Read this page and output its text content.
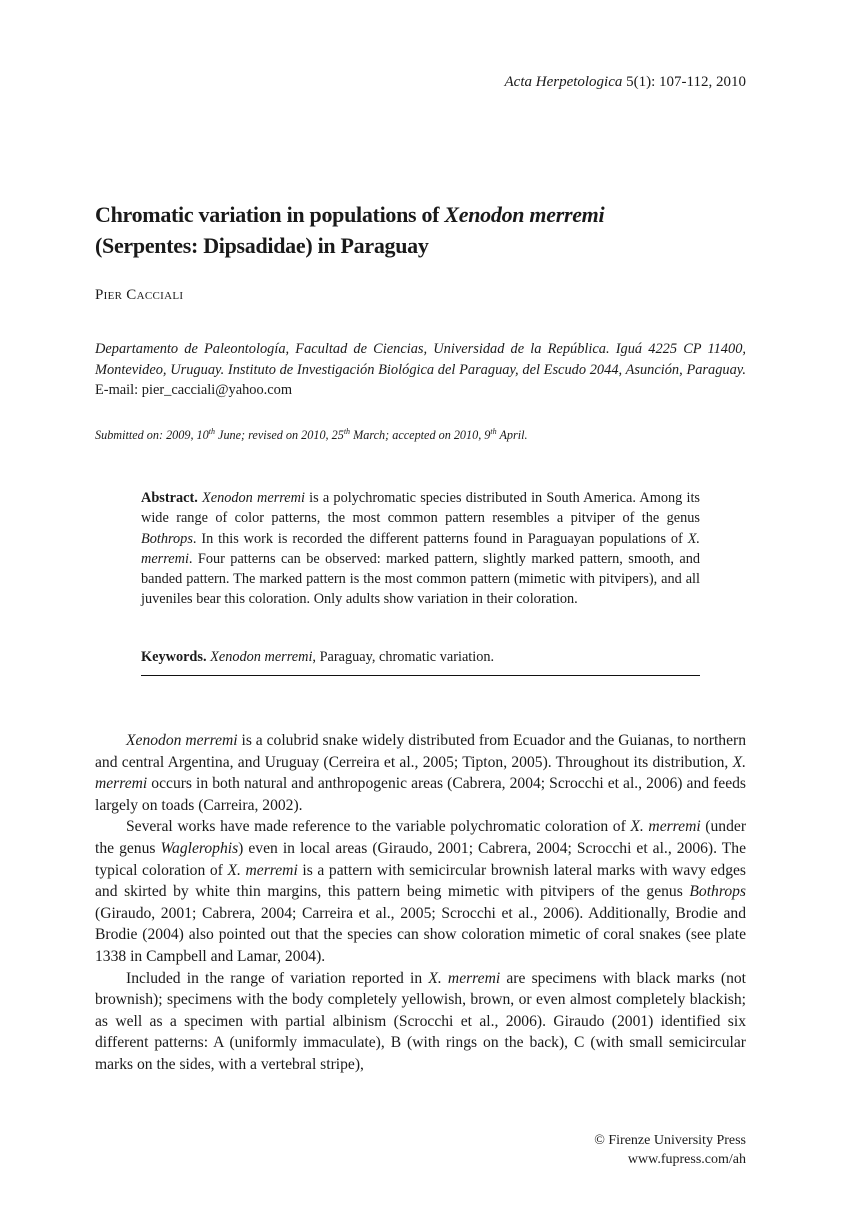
Acta Herpetologica 5(1): 107-112, 2010
Chromatic variation in populations of Xenodon merremi
(Serpentes: Dipsadidae) in Paraguay
Pier Cacciali
Departamento de Paleontología, Facultad de Ciencias, Universidad de la República. Iguá 4225 CP 11400, Montevideo, Uruguay. Instituto de Investigación Biológica del Paraguay, del Escudo 2044, Asunción, Paraguay. E-mail: pier_cacciali@yahoo.com
Submitted on: 2009, 10th June; revised on 2010, 25th March; accepted on 2010, 9th April.
Abstract. Xenodon merremi is a polychromatic species distributed in South America. Among its wide range of color patterns, the most common pattern resembles a pitviper of the genus Bothrops. In this work is recorded the different patterns found in Paraguayan populations of X. merremi. Four patterns can be observed: marked pattern, slightly marked pattern, smooth, and banded pattern. The marked pattern is the most common pattern (mimetic with pitvipers), and all juveniles bear this coloration. Only adults show variation in their coloration.
Keywords. Xenodon merremi, Paraguay, chromatic variation.

Xenodon merremi is a colubrid snake widely distributed from Ecuador and the Guianas, to northern and central Argentina, and Uruguay (Cerreira et al., 2005; Tipton, 2005). Throughout its distribution, X. merremi occurs in both natural and anthropogenic areas (Cabrera, 2004; Scrocchi et al., 2006) and feeds largely on toads (Carreira, 2002).

Several works have made reference to the variable polychromatic coloration of X. merremi (under the genus Waglerophis) even in local areas (Giraudo, 2001; Cabrera, 2004; Scrocchi et al., 2006). The typical coloration of X. merremi is a pattern with semicircular brownish lateral marks with wavy edges and skirted by white thin margins, this pattern being mimetic with pitvipers of the genus Bothrops (Giraudo, 2001; Cabrera, 2004; Carreira et al., 2005; Scrocchi et al., 2006). Additionally, Brodie and Brodie (2004) also pointed out that the species can show coloration mimetic of coral snakes (see plate 1338 in Campbell and Lamar, 2004).

Included in the range of variation reported in X. merremi are specimens with black marks (not brownish); specimens with the body completely yellowish, brown, or even almost completely blackish; as well as a specimen with partial albinism (Scrocchi et al., 2006). Giraudo (2001) identified six different patterns: A (uniformly immaculate), B (with rings on the back), C (with small semicircular marks on the sides, with a vertebral stripe),

© Firenze University Press
www.fupress.com/ah
